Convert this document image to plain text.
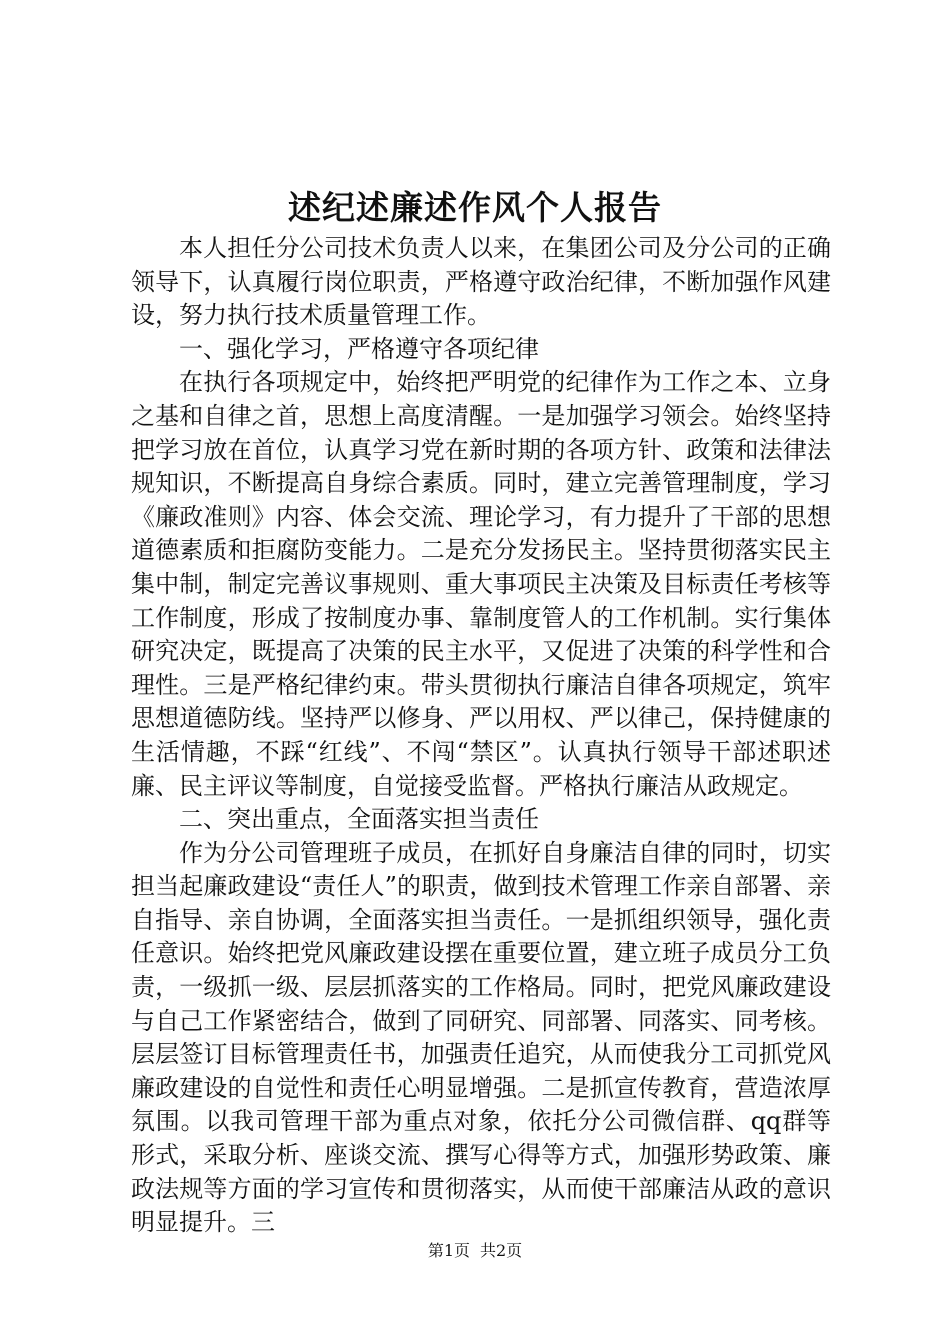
述纪述廉述作风个人报告

本人担任分公司技术负责人以来，在集团公司及分公司的正确领导下，认真履行岗位职责，严格遵守政治纪律，不断加强作风建设，努力执行技术质量管理工作。

一、强化学习，严格遵守各项纪律

在执行各项规定中，始终把严明党的纪律作为工作之本、立身之基和自律之首，思想上高度清醒。一是加强学习领会。始终坚持把学习放在首位，认真学习党在新时期的各项方针、政策和法律法规知识，不断提高自身综合素质。同时，建立完善管理制度，学习《廉政准则》内容、体会交流、理论学习，有力提升了干部的思想道德素质和拒腐防变能力。二是充分发扬民主。坚持贯彻落实民主集中制，制定完善议事规则、重大事项民主决策及目标责任考核等工作制度，形成了按制度办事、靠制度管人的工作机制。实行集体研究决定，既提高了决策的民主水平，又促进了决策的科学性和合理性。三是严格纪律约束。带头贯彻执行廉洁自律各项规定，筑牢思想道德防线。坚持严以修身、严以用权、严以律己，保持健康的生活情趣，不踩“红线”、不闯“禁区”。认真执行领导干部述职述廉、民主评议等制度，自觉接受监督。严格执行廉洁从政规定。

二、突出重点，全面落实担当责任

作为分公司管理班子成员，在抓好自身廉洁自律的同时，切实担当起廉政建设“责任人”的职责，做到技术管理工作亲自部署、亲自指导、亲自协调，全面落实担当责任。一是抓组织领导，强化责任意识。始终把党风廉政建设摆在重要位置，建立班子成员分工负责，一级抓一级、层层抓落实的工作格局。同时，把党风廉政建设与自己工作紧密结合，做到了同研究、同部署、同落实、同考核。层层签订目标管理责任书，加强责任追究，从而使我分工司抓党风廉政建设的自觉性和责任心明显增强。二是抓宣传教育，营造浓厚氛围。以我司管理干部为重点对象，依托分公司微信群、qq群等形式，采取分析、座谈交流、撰写心得等方式，加强形势政策、廉政法规等方面的学习宣传和贯彻落实，从而使干部廉洁从政的意识明显提升。三

第1页 共2页
